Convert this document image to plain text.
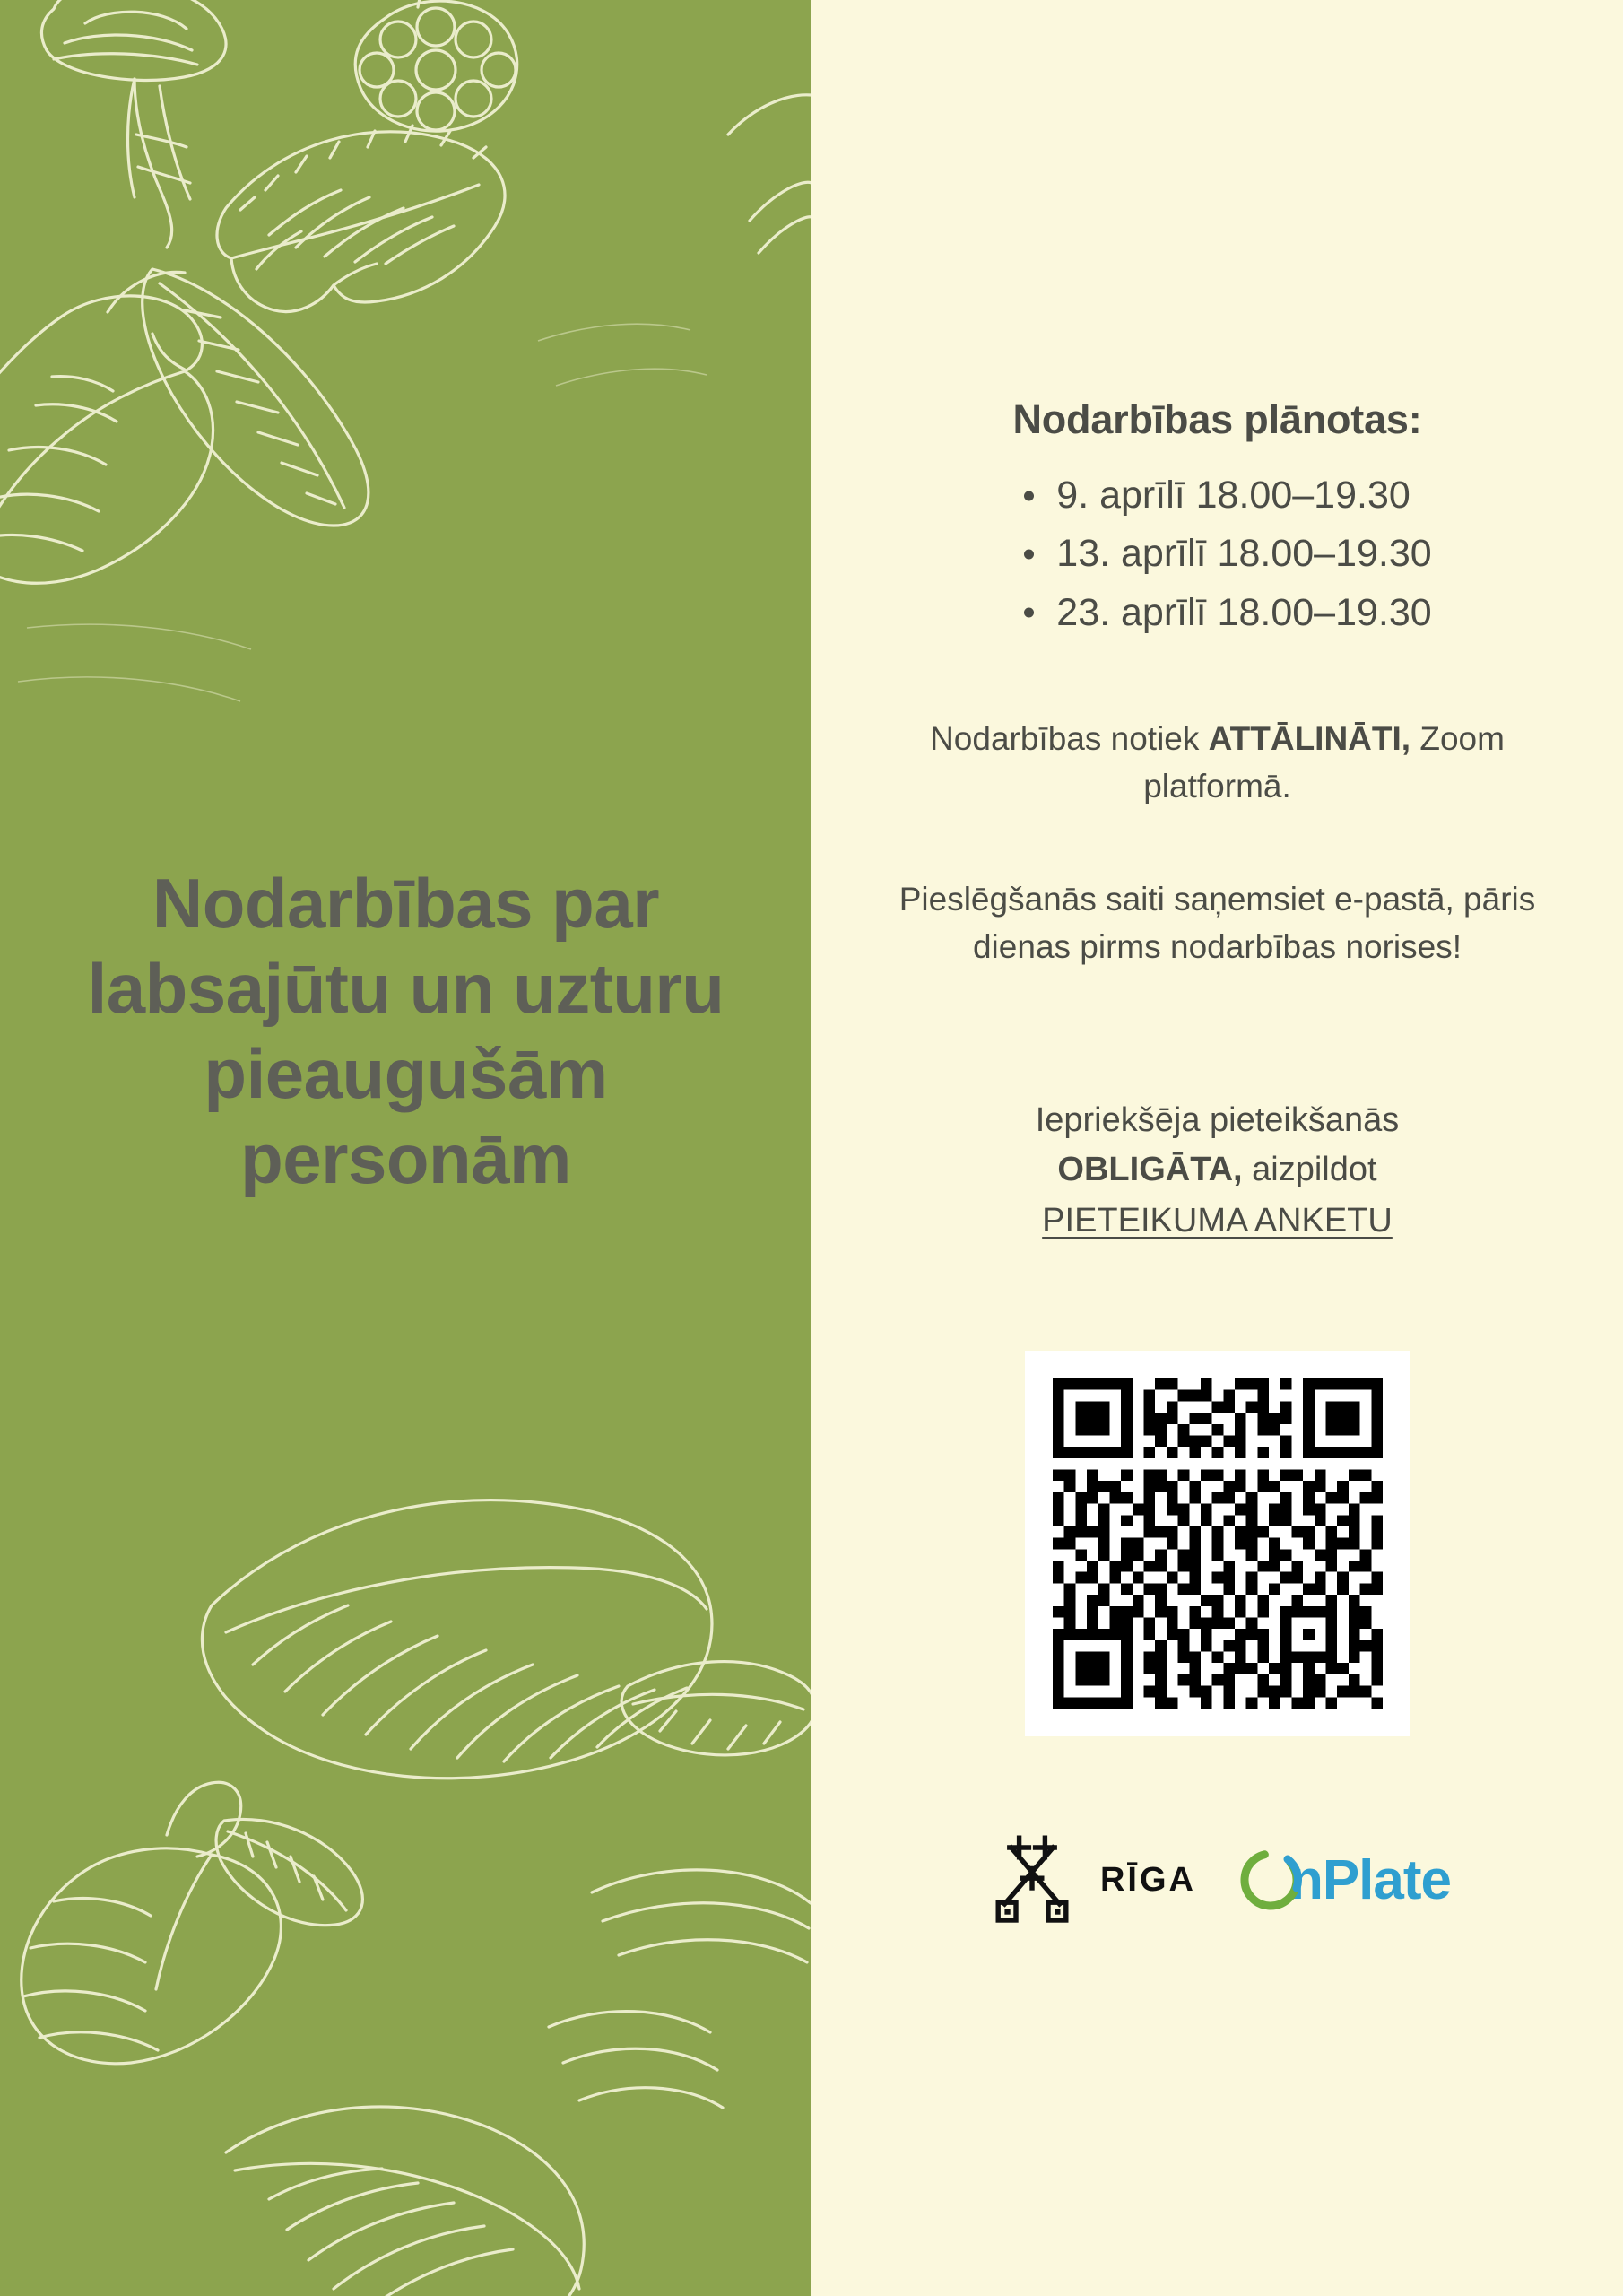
Nodarbības par labsajūtu un uzturu pieaugušām personām
Nodarbības plānotas:
9. aprīlī 18.00–19.30
13. aprīlī 18.00–19.30
23. aprīlī 18.00–19.30
Nodarbības notiek ATTĀLINĀTI, Zoom platformā.
Pieslēgšanās saiti saņemsiet e-pastā, pāris dienas pirms nodarbības norises!
Iepriekšēja pieteikšanās
OBLIGĀTA, aizpildot
PIETEIKUMA ANKETU
RĪGA n Plate
